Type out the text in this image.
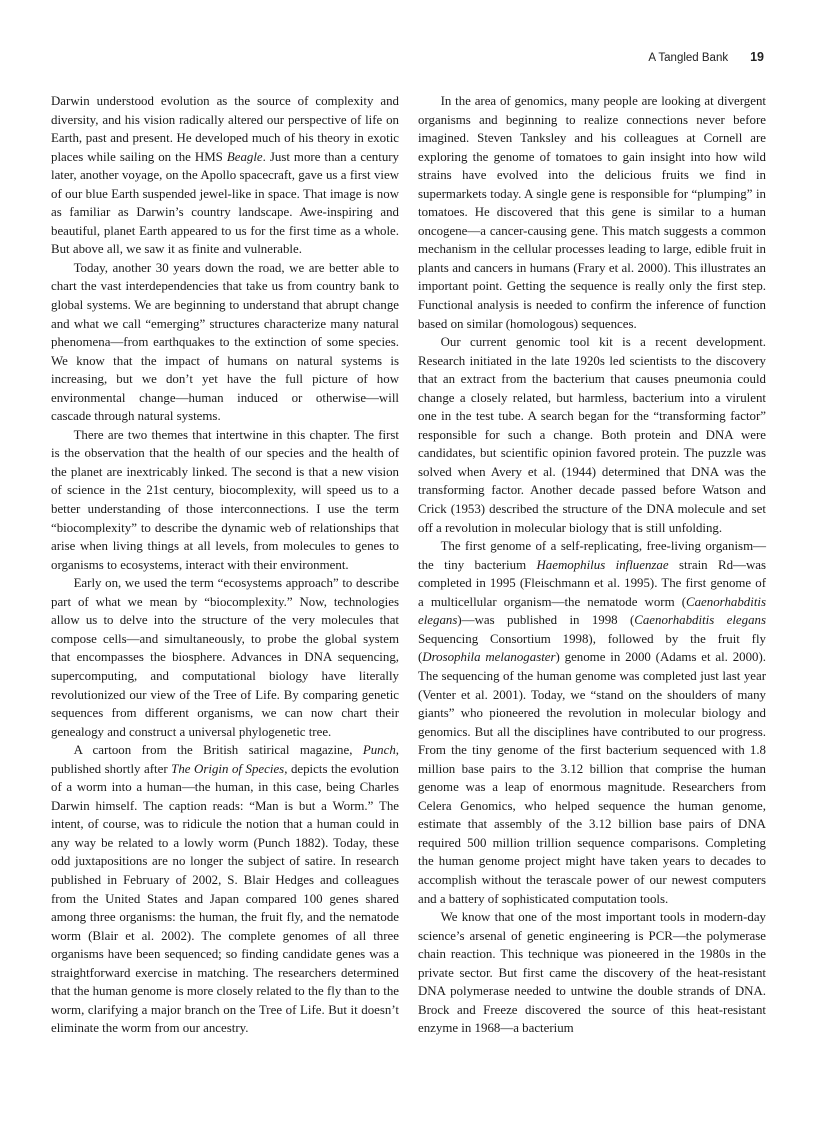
A Tangled Bank 19

Darwin understood evolution as the source of complexity and diversity, and his vision radically altered our perspective of life on Earth, past and present. He developed much of his theory in exotic places while sailing on the HMS Beagle. Just more than a century later, another voyage, on the Apollo spacecraft, gave us a first view of our blue Earth suspended jewel-like in space. That image is now as familiar as Darwin’s country landscape. Awe-inspiring and beautiful, planet Earth appeared to us for the first time as a whole. But above all, we saw it as finite and vulnerable.

Today, another 30 years down the road, we are better able to chart the vast interdependencies that take us from country bank to global systems. We are beginning to understand that abrupt change and what we call “emerging” structures characterize many natural phenomena—from earthquakes to the extinction of some species. We know that the impact of humans on natural systems is increasing, but we don’t yet have the full picture of how environmental change—human induced or otherwise—will cascade through natural systems.

There are two themes that intertwine in this chapter. The first is the observation that the health of our species and the health of the planet are inextricably linked. The second is that a new vision of science in the 21st century, biocomplexity, will speed us to a better understanding of those interconnections. I use the term “biocomplexity” to describe the dynamic web of relationships that arise when living things at all levels, from molecules to genes to organisms to ecosystems, interact with their environment.

Early on, we used the term “ecosystems approach” to describe part of what we mean by “biocomplexity.” Now, technologies allow us to delve into the structure of the very molecules that compose cells—and simultaneously, to probe the global system that encompasses the biosphere. Advances in DNA sequencing, supercomputing, and computational biology have literally revolutionized our view of the Tree of Life. By comparing genetic sequences from different organisms, we can now chart their genealogy and construct a universal phylogenetic tree.

A cartoon from the British satirical magazine, Punch, published shortly after The Origin of Species, depicts the evolution of a worm into a human—the human, in this case, being Charles Darwin himself. The caption reads: “Man is but a Worm.” The intent, of course, was to ridicule the notion that a human could in any way be related to a lowly worm (Punch 1882). Today, these odd juxtapositions are no longer the subject of satire. In research published in February of 2002, S. Blair Hedges and colleagues from the United States and Japan compared 100 genes shared among three organisms: the human, the fruit fly, and the nematode worm (Blair et al. 2002). The complete genomes of all three organisms have been sequenced; so finding candidate genes was a straightforward exercise in matching. The researchers determined that the human genome is more closely related to the fly than to the worm, clarifying a major branch on the Tree of Life. But it doesn’t eliminate the worm from our ancestry.

In the area of genomics, many people are looking at divergent organisms and beginning to realize connections never before imagined. Steven Tanksley and his colleagues at Cornell are exploring the genome of tomatoes to gain insight into how wild strains have evolved into the delicious fruits we find in supermarkets today. A single gene is responsible for “plumping” in tomatoes. He discovered that this gene is similar to a human oncogene—a cancer-causing gene. This match suggests a common mechanism in the cellular processes leading to large, edible fruit in plants and cancers in humans (Frary et al. 2000). This illustrates an important point. Getting the sequence is really only the first step. Functional analysis is needed to confirm the inference of function based on similar (homologous) sequences.

Our current genomic tool kit is a recent development. Research initiated in the late 1920s led scientists to the discovery that an extract from the bacterium that causes pneumonia could change a closely related, but harmless, bacterium into a virulent one in the test tube. A search began for the “transforming factor” responsible for such a change. Both protein and DNA were candidates, but scientific opinion favored protein. The puzzle was solved when Avery et al. (1944) determined that DNA was the transforming factor. Another decade passed before Watson and Crick (1953) described the structure of the DNA molecule and set off a revolution in molecular biology that is still unfolding.

The first genome of a self-replicating, free-living organism—the tiny bacterium Haemophilus influenzae strain Rd—was completed in 1995 (Fleischmann et al. 1995). The first genome of a multicellular organism—the nematode worm (Caenorhabditis elegans)—was published in 1998 (Caenorhabditis elegans Sequencing Consortium 1998), followed by the fruit fly (Drosophila melanogaster) genome in 2000 (Adams et al. 2000). The sequencing of the human genome was completed just last year (Venter et al. 2001). Today, we “stand on the shoulders of many giants” who pioneered the revolution in molecular biology and genomics. But all the disciplines have contributed to our progress. From the tiny genome of the first bacterium sequenced with 1.8 million base pairs to the 3.12 billion that comprise the human genome was a leap of enormous magnitude. Researchers from Celera Genomics, who helped sequence the human genome, estimate that assembly of the 3.12 billion base pairs of DNA required 500 million trillion sequence comparisons. Completing the human genome project might have taken years to decades to accomplish without the terascale power of our newest computers and a battery of sophisticated computation tools.

We know that one of the most important tools in modern-day science’s arsenal of genetic engineering is PCR—the polymerase chain reaction. This technique was pioneered in the 1980s in the private sector. But first came the discovery of the heat-resistant DNA polymerase needed to untwine the double strands of DNA. Brock and Freeze discovered the source of this heat-resistant enzyme in 1968—a bacterium
